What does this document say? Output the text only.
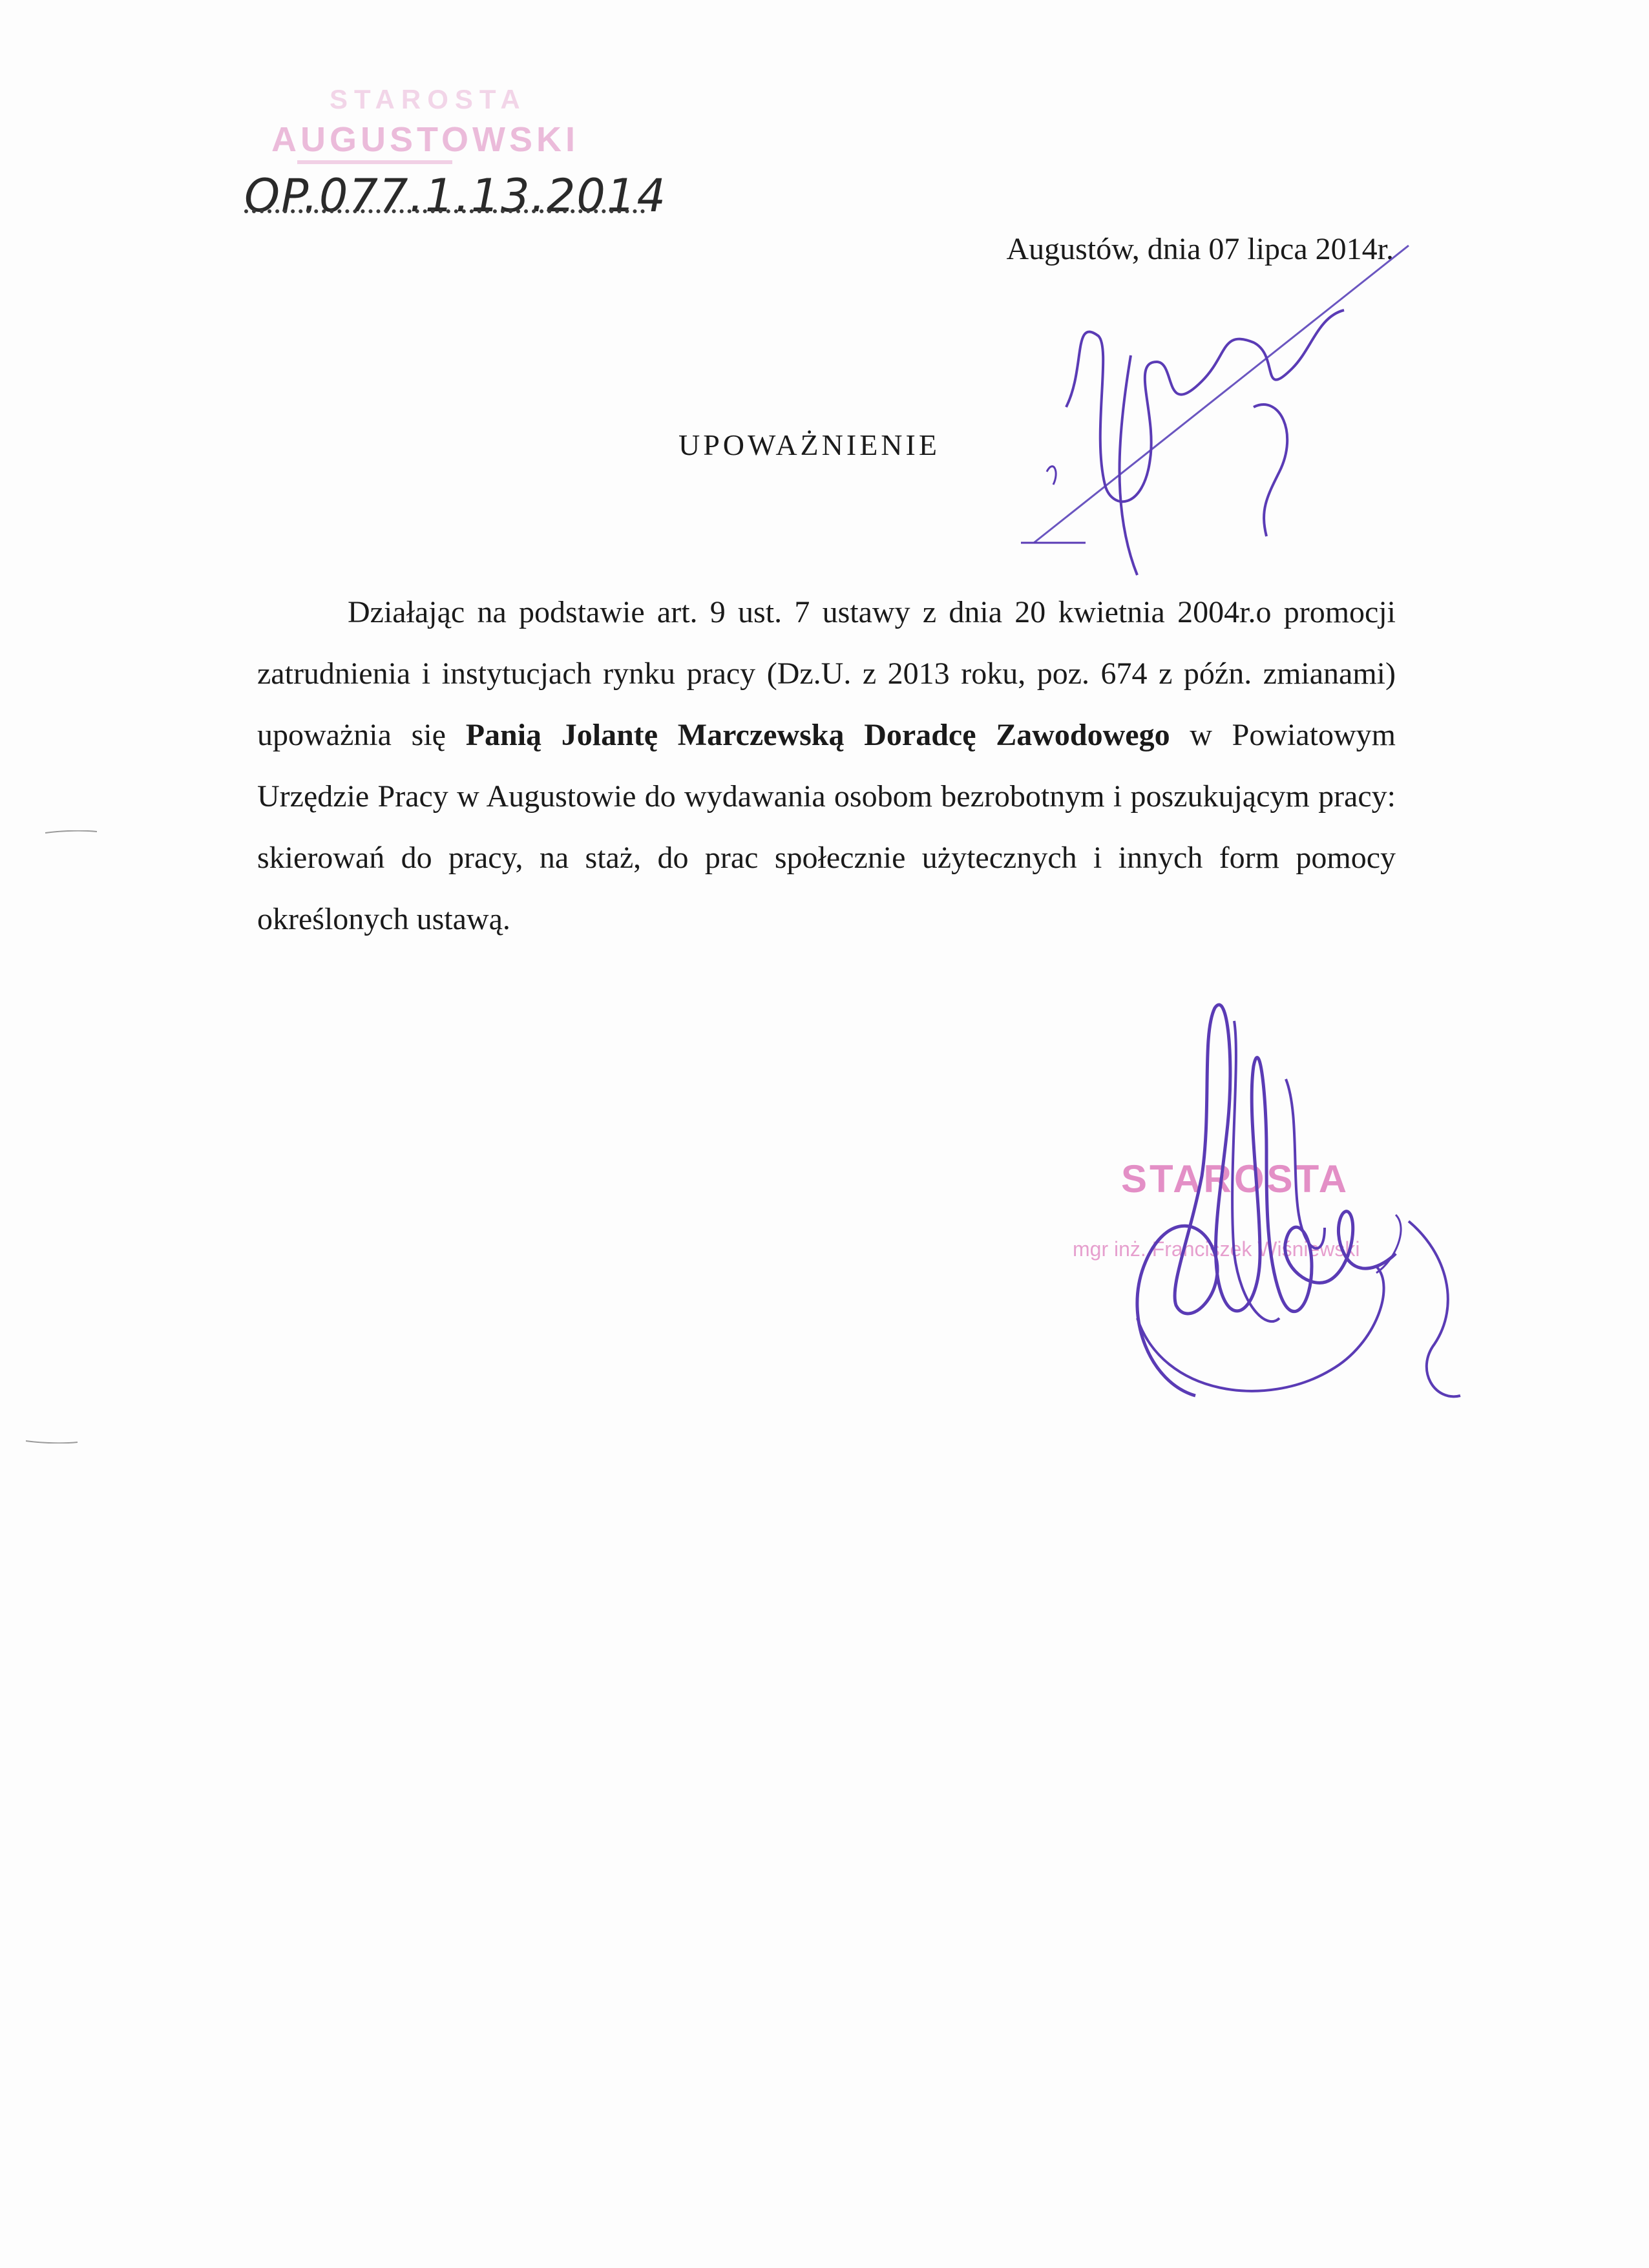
STAROSTA
AUGUSTOWSKI
OP.077.1.13.2014
Augustów, dnia 07 lipca 2014r.
UPOWAŻNIENIE
Działając na podstawie art. 9 ust. 7 ustawy z dnia 20 kwietnia 2004r.o promocji zatrudnienia i instytucjach rynku pracy (Dz.U. z 2013 roku, poz. 674 z późn. zmianami) upoważnia się Panią Jolantę Marczewską Doradcę Zawodowego w Powiatowym Urzędzie Pracy w Augustowie do wydawania osobom bezrobotnym i poszukującym pracy: skierowań do pracy, na staż, do prac społecznie użytecznych i innych form pomocy określonych ustawą.
STAROSTA
mgr inż. Franciszek Wiśniewski
